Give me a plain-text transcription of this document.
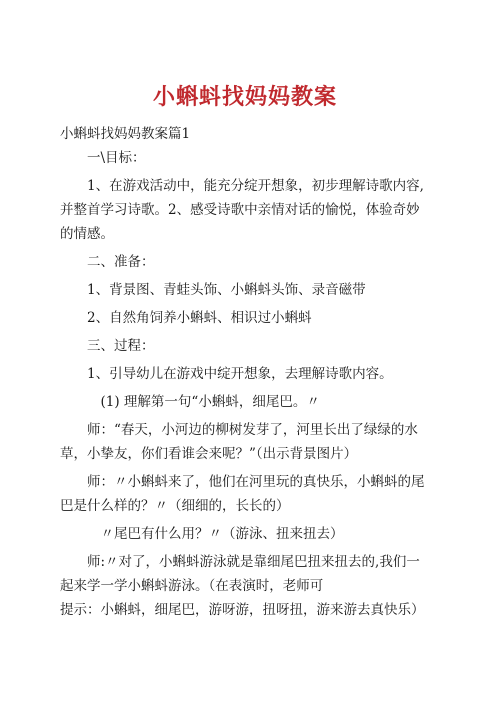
小蝌蚪找妈妈教案

小蝌蚪找妈妈教案篇1

一\目标：

1、在游戏活动中，能充分绽开想象，初步理解诗歌内容,并整首学习诗歌。2、感受诗歌中亲情对话的愉悦，体验奇妙的情感。

二、准备：

1、背景图、青蛙头饰、小蝌蚪头饰、录音磁带

2、自然角饲养小蝌蚪、相识过小蝌蚪

三、过程：

1、引导幼儿在游戏中绽开想象，去理解诗歌内容。

(1) 理解第一句“小蝌蚪，细尾巴。〃

师：“春天，小河边的柳树发芽了，河里长出了绿绿的水草，小挚友，你们看谁会来呢？”（出示背景图片）

师：〃小蝌蚪来了，他们在河里玩的真快乐，小蝌蚪的尾巴是什么样的？〃（细细的，长长的）

〃尾巴有什么用？〃（游泳、扭来扭去）

师:〃对了，小蝌蚪游泳就是靠细尾巴扭来扭去的,我们一起来学一学小蝌蚪游泳。（在表演时，老师可

提示：小蝌蚪，细尾巴，游呀游，扭呀扭，游来游去真快乐）
